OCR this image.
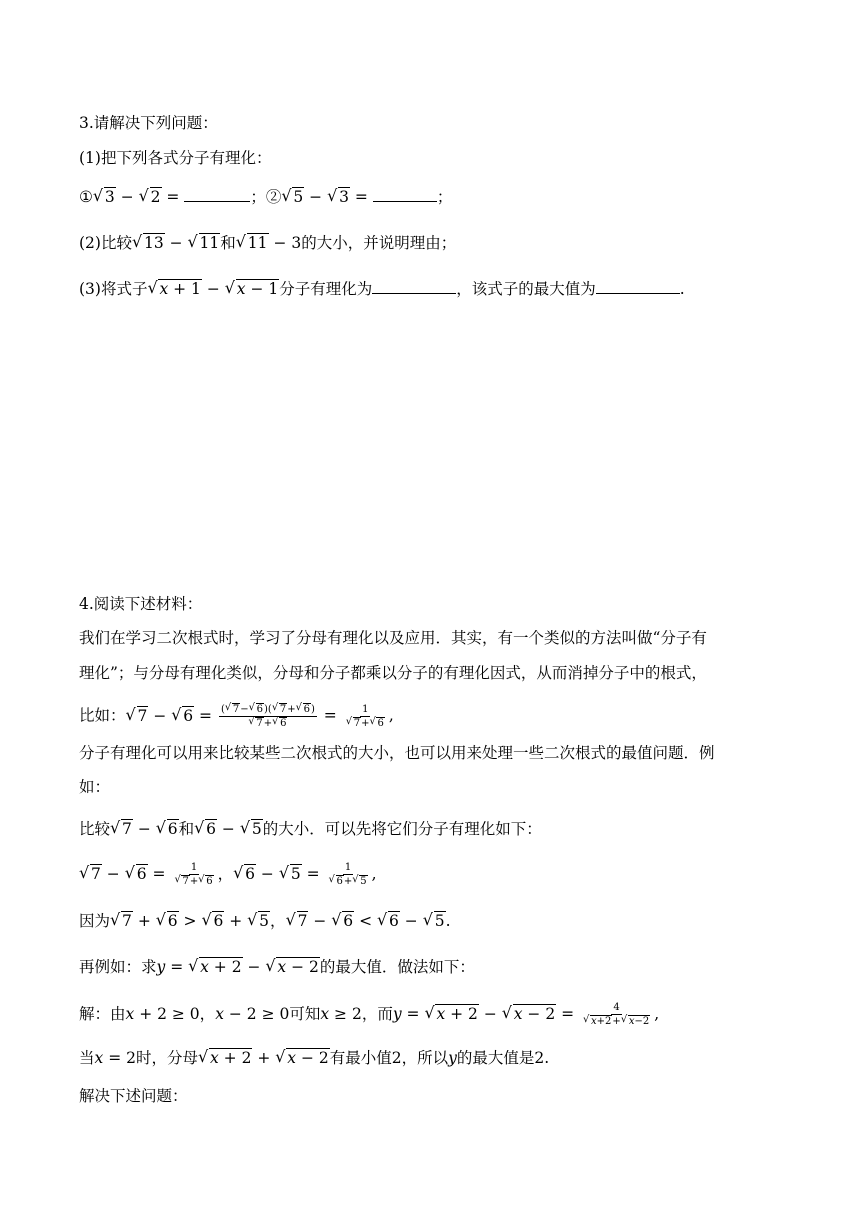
3.请解决下列问题：
(1)把下列各式分子有理化：
① √ 3 − √ 2 =	；② √ 5 − √ 3 =	；
(2)比较 √ 13 − √ 11和 √ 11 − 3的大小，并说明理由；
(3)将式子 √ x + 1 − √ x − 1分子有理化为	，该式子的最大值为	.
4.阅读下述材料：
我们在学习二次根式时，学习了分母有理化以及应用．其实，有一个类似的方法叫做“分子有
理化”；与分母有理化类似，分母和分子都乘以分子的有理化因式，从而消掉分子中的根式，
比如： √ 7 − √ 6 = ( √ 7− √ 6)( √ 7+ √ 6)
√ 7+ √ 6 = 1
√ 7+ √ 6 ,
分子有理化可以用来比较某些二次根式的大小，也可以用来处理一些二次根式的最值问题．例
如：
比较 √ 7 − √ 6和 √ 6 − √ 5的大小．可以先将它们分子有理化如下：
√ 7 − √ 6 = 1
√ 7+ √ 6 ， √ 6 − √ 5 = 1
√ 6+ √ 5 ,
因为 √ 7 + √ 6 > √ 6 + √ 5， √ 7 − √ 6 < √ 6 − √ 5.
再例如：求y = √ x + 2 − √ x − 2的最大值．做法如下：
解：由x + 2 ≥ 0，x − 2 ≥ 0可知x ≥ 2，而y = √ x + 2 − √ x − 2 = 4
√ x+2+ √ x−2 ,
当x = 2时，分母 √ x + 2 + √ x − 2有最小值2，所以y的最大值是2.
解决下述问题：
